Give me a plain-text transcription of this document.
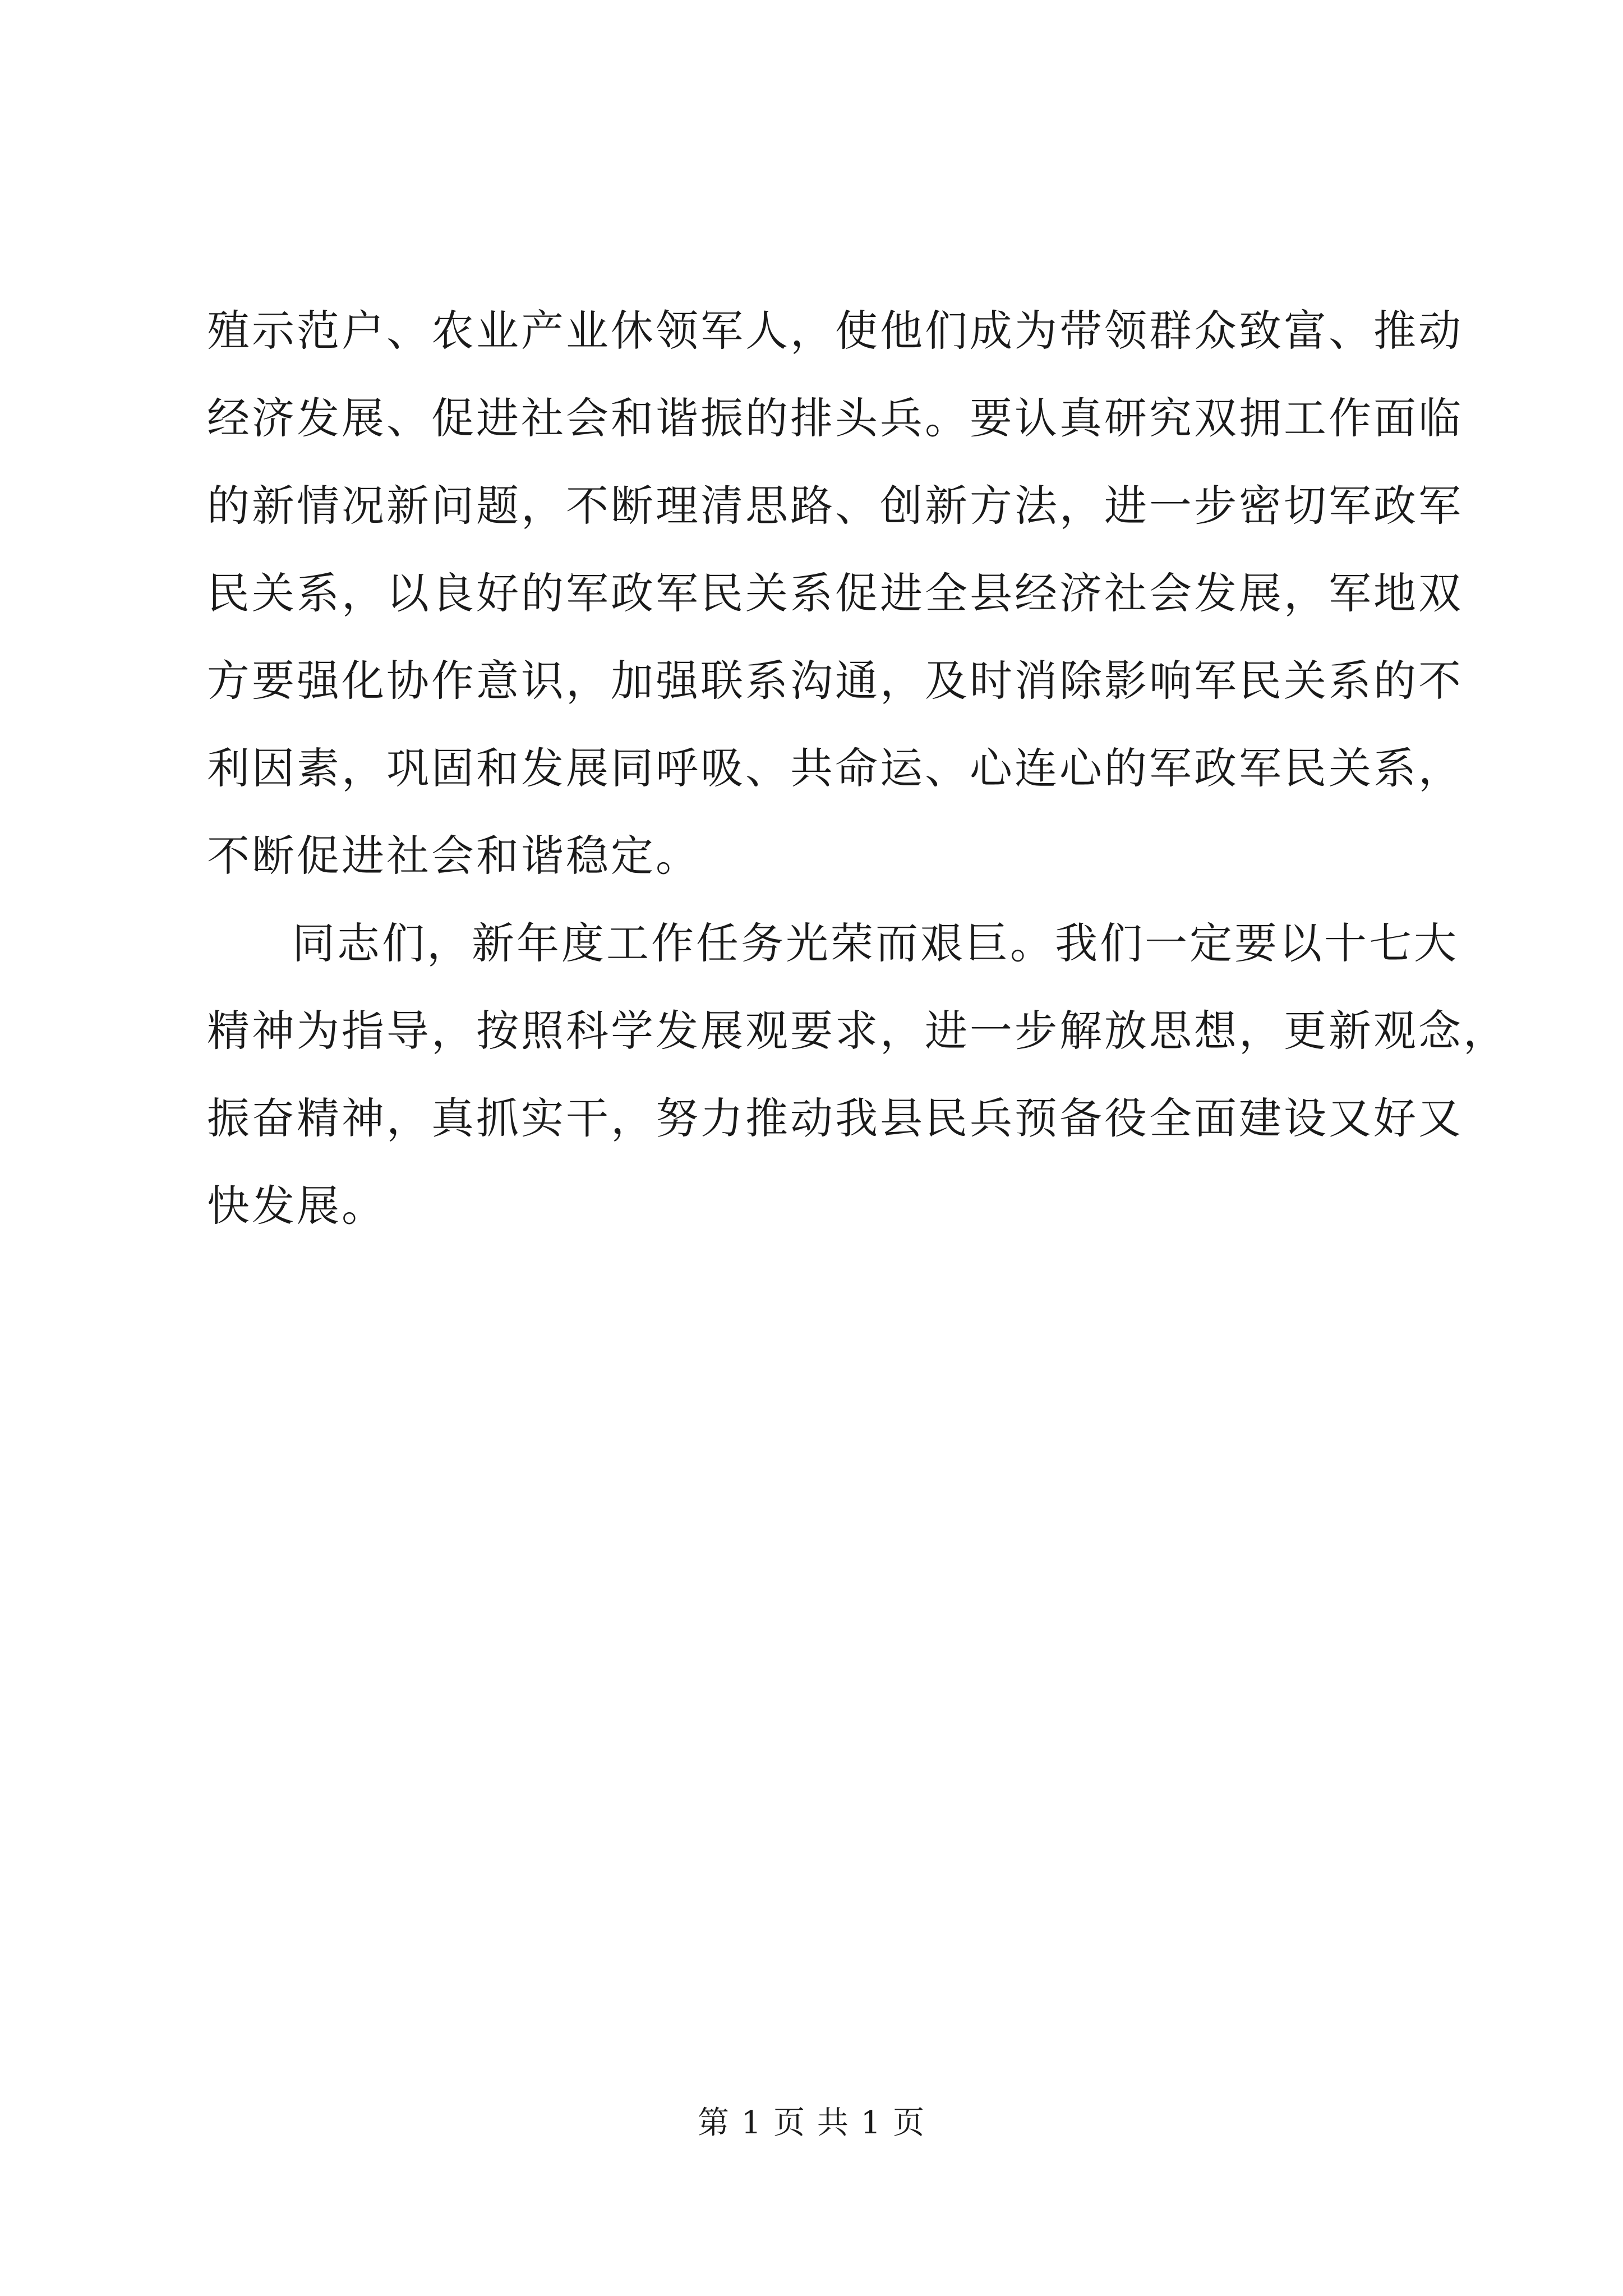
殖示范户、农业产业休领军人，使他们成为带领群众致富、推动
经济发展、促进社会和谐振的排头兵。要认真研究双拥工作面临
的新情况新问题，不断理清思路、创新方法，进一步密切军政军
民关系，以良好的军政军民关系促进全县经济社会发展，军地双
方要强化协作意识，加强联系沟通，及时消除影响军民关系的不
利因素，巩固和发展同呼吸、共命运、心连心的军政军民关系，
不断促进社会和谐稳定。
同志们，新年度工作任务光荣而艰巨。我们一定要以十七大
精神为指导，按照科学发展观要求，进一步解放思想，更新观念，
振奋精神，真抓实干，努力推动我县民兵预备役全面建设又好又
快发展。
第 1 页 共 1 页
